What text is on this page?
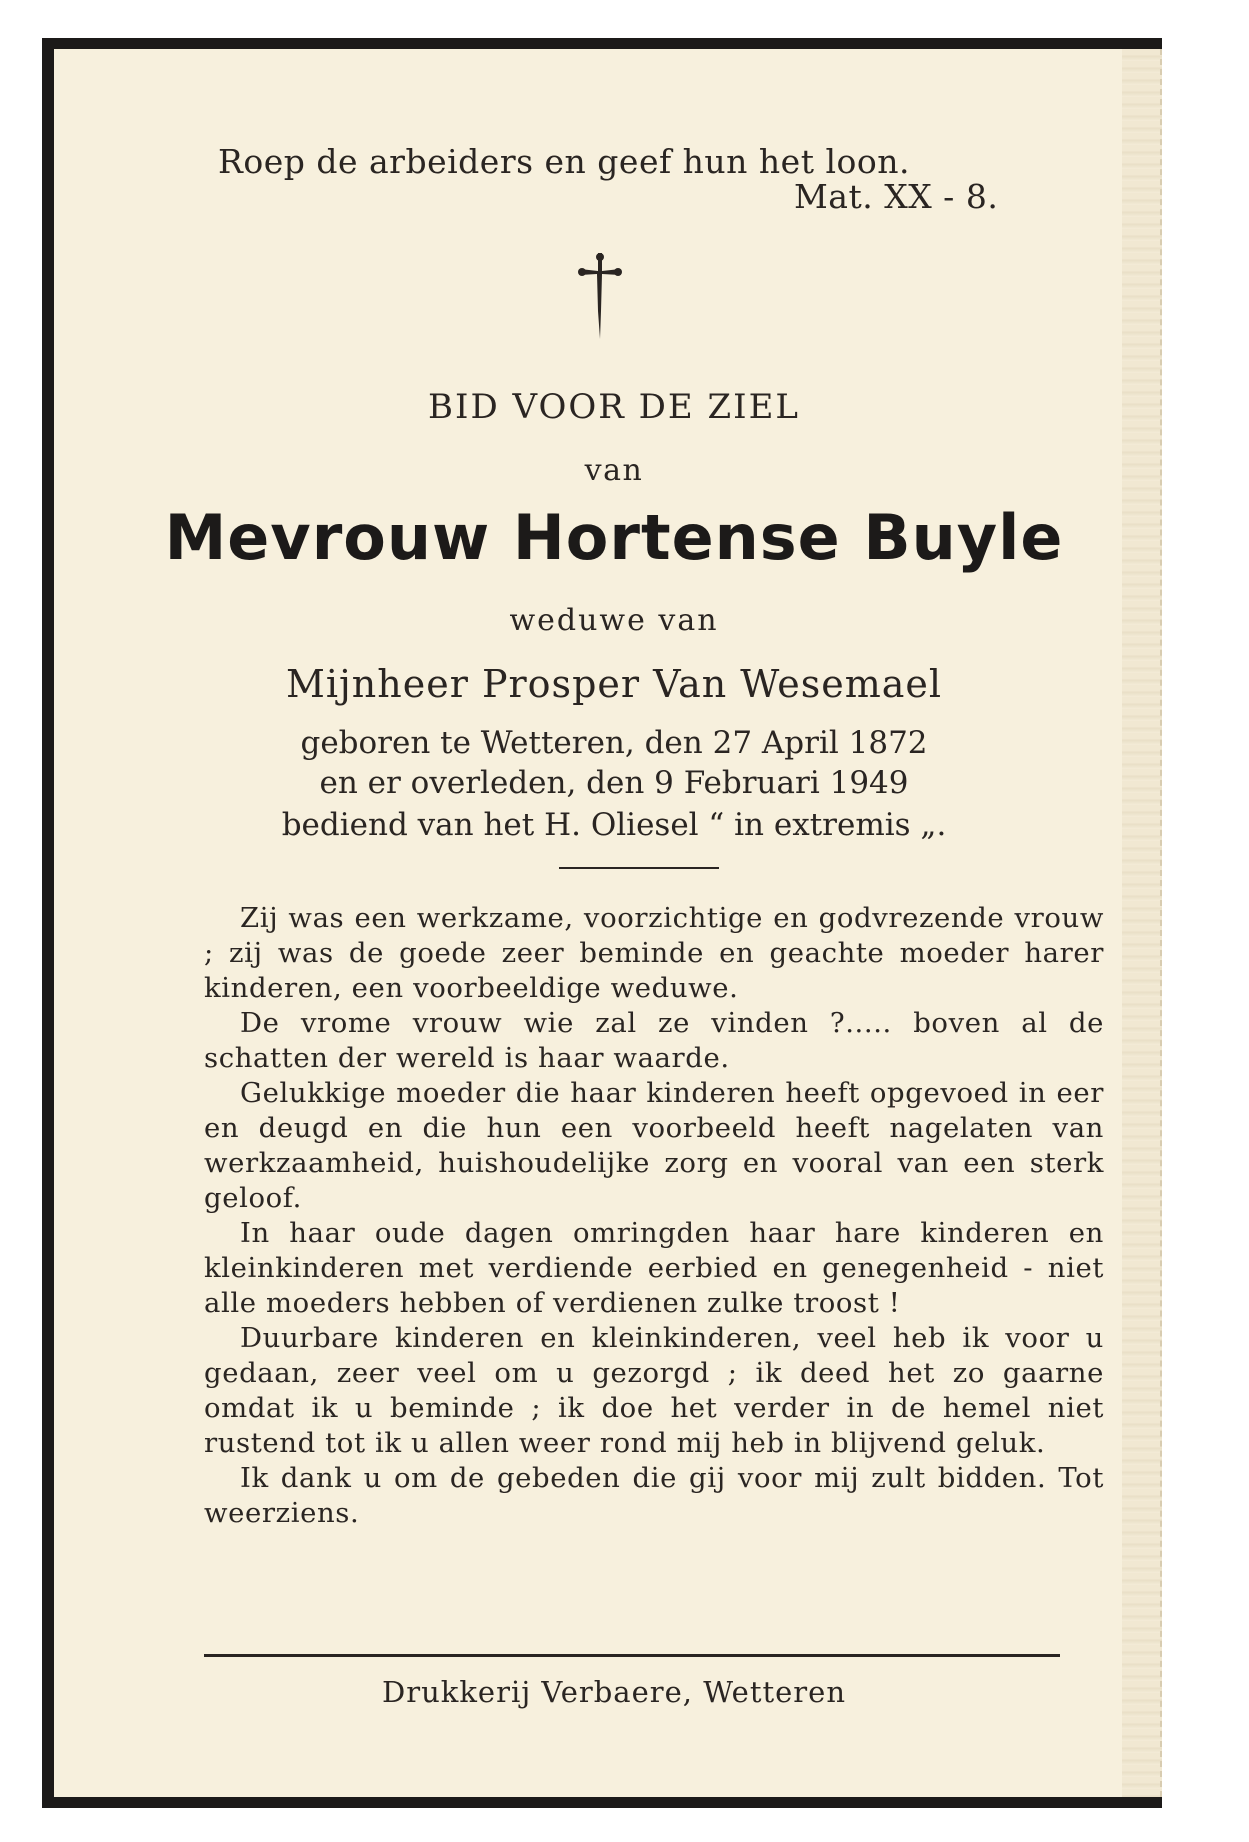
Roep de arbeiders en geef hun het loon.
Mat. XX - 8.
BID VOOR DE ZIEL
van
Mevrouw Hortense Buyle
weduwe van
Mijnheer Prosper Van Wesemael
geboren te Wetteren, den 27 April 1872
en er overleden, den 9 Februari 1949
bediend van het H. Oliesel “ in extremis „.

Zij was een werkzame, voorzichtige en godvrezende vrouw ; zij was de goede zeer beminde en geachte moeder harer kinderen, een voorbeeldige weduwe.

De vrome vrouw wie zal ze vinden ?..... boven al de schatten der wereld is haar waarde.

Gelukkige moeder die haar kinderen heeft opgevoed in eer en deugd en die hun een voorbeeld heeft nagelaten van werkzaamheid, huishoudelijke zorg en vooral van een sterk geloof.

In haar oude dagen omringden haar hare kinderen en kleinkinderen met verdiende eerbied en genegenheid - niet alle moeders hebben of verdienen zulke troost !

Duurbare kinderen en kleinkinderen, veel heb ik voor u gedaan, zeer veel om u gezorgd ; ik deed het zo gaarne omdat ik u beminde ; ik doe het verder in de hemel niet rustend tot ik u allen weer rond mij heb in blijvend geluk.

Ik dank u om de gebeden die gij voor mij zult bidden. Tot weerziens.

Drukkerij Verbaere, Wetteren
